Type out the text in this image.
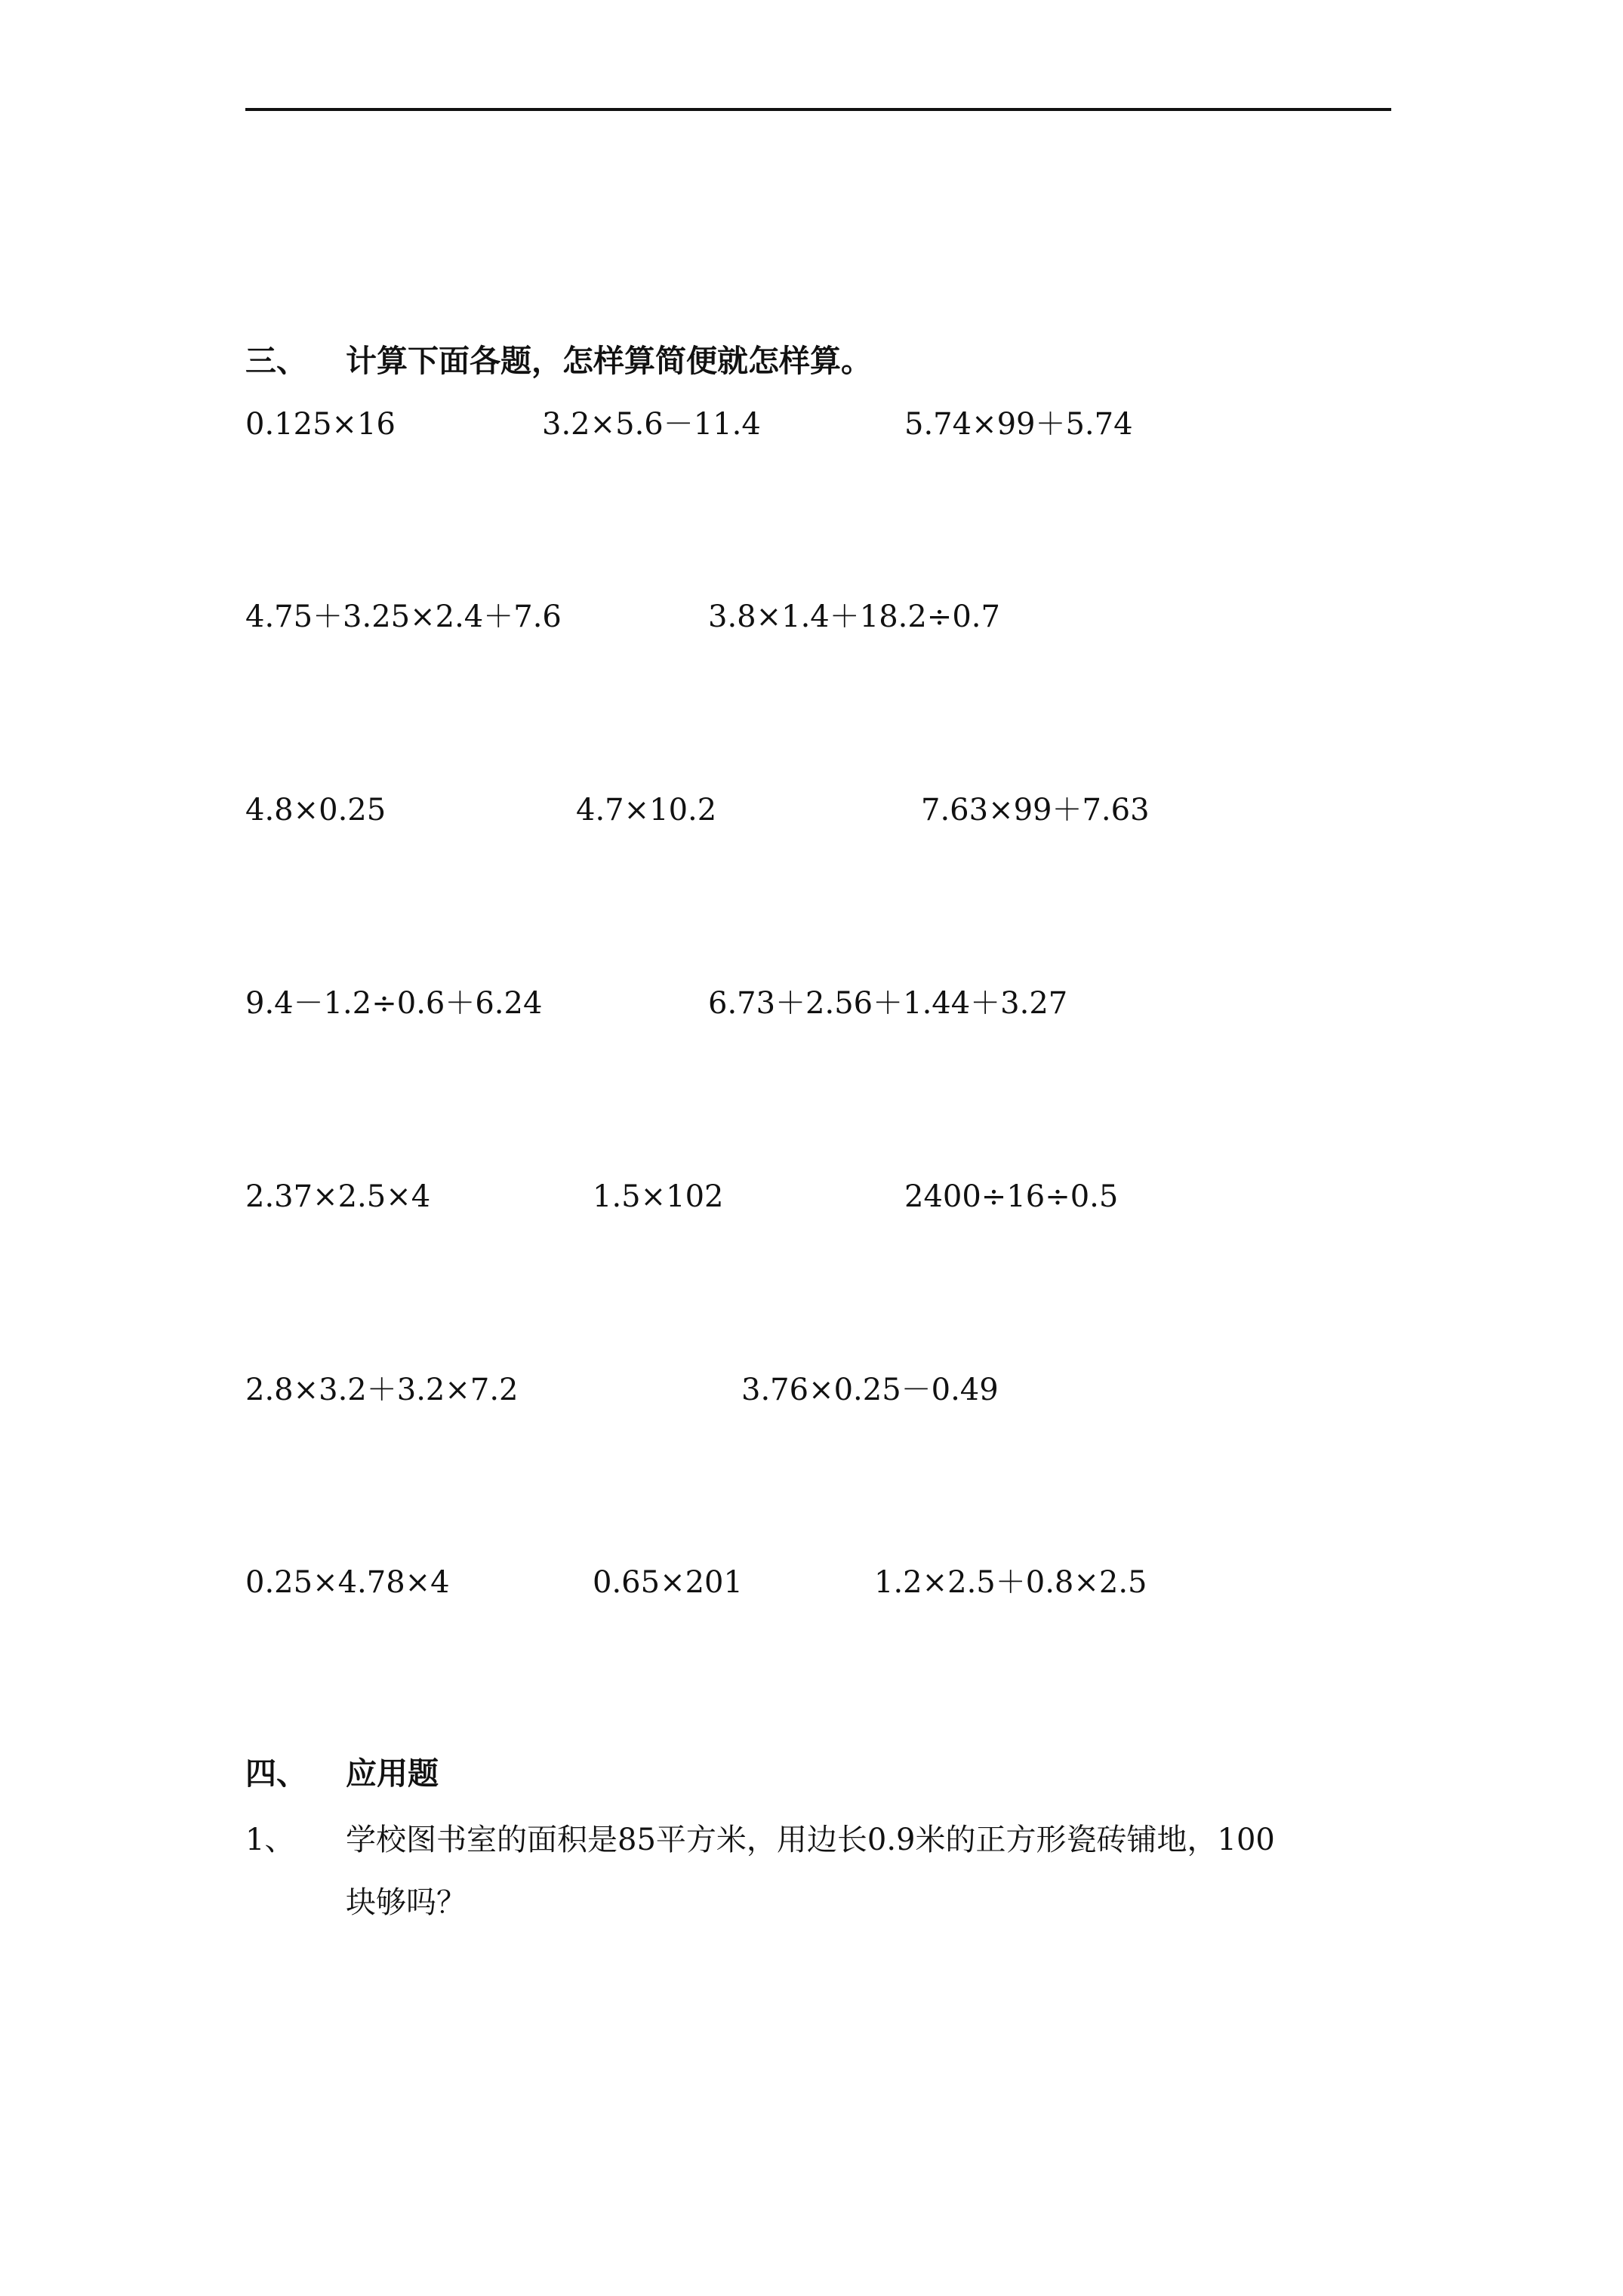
三、 计算下面各题，怎样算简便就怎样算。
0.125×16	3.2×5.6－11.4	5.74×99＋5.74
4.75＋3.25×2.4＋7.6	3.8×1.4＋18.2÷0.7
4.8×0.25	4.7×10.2	7.63×99＋7.63
9.4－1.2÷0.6＋6.24	6.73＋2.56＋1.44＋3.27
2.37×2.5×4	1.5×102	2400÷16÷0.5
2.8×3.2＋3.2×7.2	3.76×0.25－0.49
0.25×4.78×4	0.65×201	1.2×2.5＋0.8×2.5
四、 应用题
1、 学校图书室的面积是85平方米，用边长0.9米的正方形瓷砖铺地，100
块够吗？
